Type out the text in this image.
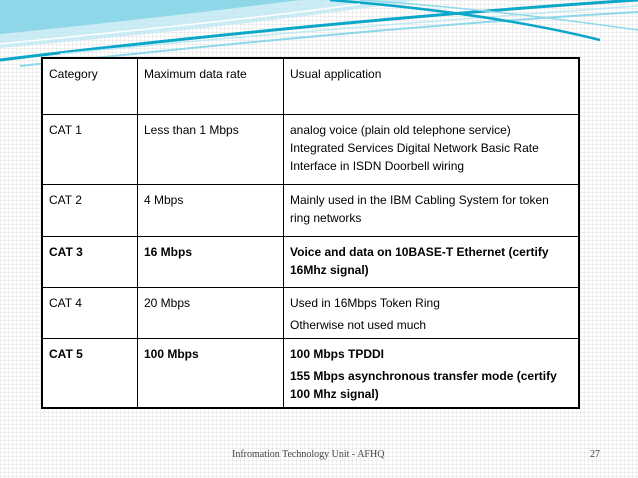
Category	Maximum data rate	Usual application
CAT 1	Less than 1 Mbps	analog voice (plain old telephone service)
Integrated Services Digital Network Basic Rate
Interface in ISDN Doorbell wiring

CAT 2	4 Mbps	Mainly used in the IBM Cabling System for token
ring networks

CAT 3	16 Mbps	Voice and data on 10BASE-T Ethernet (certify
16Mhz signal)

CAT 4	20 Mbps	Used in 16Mbps Token Ring
Otherwise not used much

CAT 5	100 Mbps	100 Mbps TPDDI
155 Mbps asynchronous transfer mode (certify
100 Mhz signal)
Infromation Technology Unit - AFHQ	27
